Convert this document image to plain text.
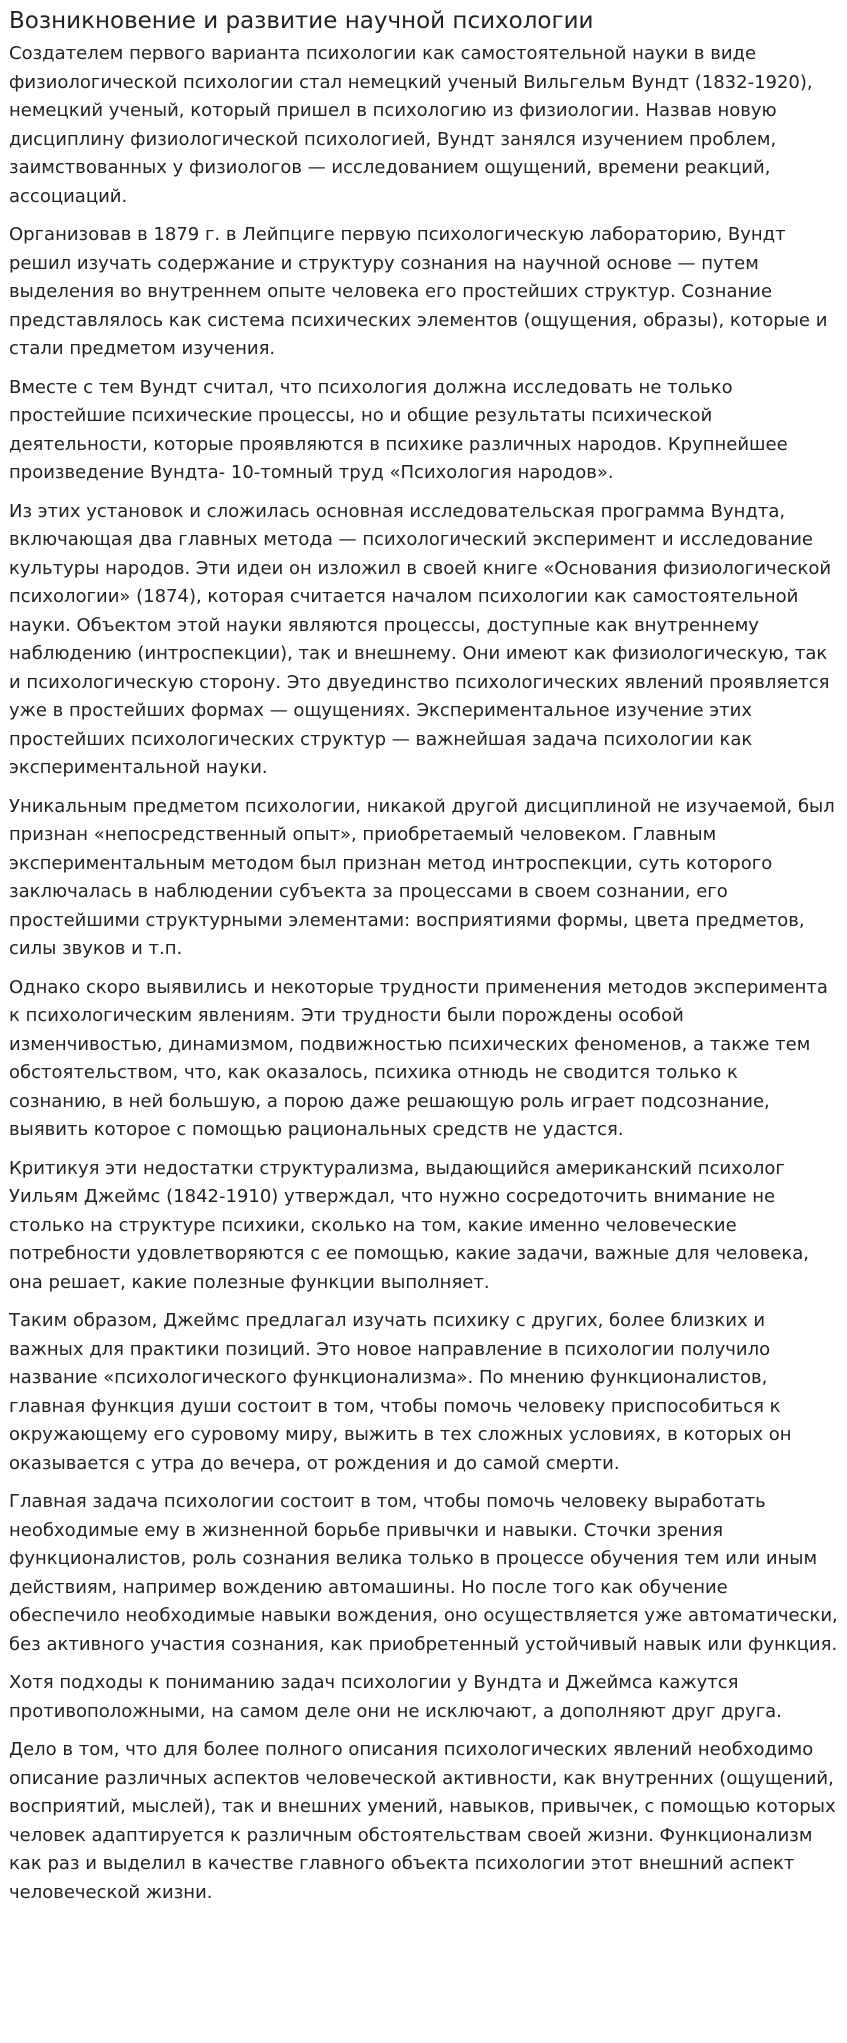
Возникновение и развитие научной психологии

Создателем первого варианта психологии как самостоятельной науки в виде физиологической психологии стал немецкий ученый Вильгельм Вундт (1832-1920), немецкий ученый, который пришел в психологию из физиологии. Назвав новую дисциплину физиологической психологией, Вундт занялся изучением проблем, заимствованных у физиологов — исследованием ощущений, времени реакций, ассоциаций.

Организовав в 1879 г. в Лейпциге первую психологическую лабораторию, Вундт решил изучать содержание и структуру сознания на научной основе — путем выделения во внутреннем опыте человека его простейших структур. Сознание представлялось как система психических элементов (ощущения, образы), которые и стали предметом изучения.

Вместе с тем Вундт считал, что психология должна исследовать не только простейшие психические процессы, но и общие результаты психической деятельности, которые проявляются в психике различных народов. Крупнейшее произведение Вундта- 10-томный труд «Психология народов».

Из этих установок и сложилась основная исследовательская программа Вундта, включающая два главных метода — психологический эксперимент и исследование культуры народов. Эти идеи он изложил в своей книге «Основания физиологической психологии» (1874), которая считается началом психологии как самостоятельной науки. Объектом этой науки являются процессы, доступные как внутреннему наблюдению (интроспекции), так и внешнему. Они имеют как физиологическую, так и психологическую сторону. Это двуединство психологических явлений проявляется уже в простейших формах — ощущениях. Экспериментальное изучение этих простейших психологических структур — важнейшая задача психологии как экспериментальной науки.

Уникальным предметом психологии, никакой другой дисциплиной не изучаемой, был признан «непосредственный опыт», приобретаемый человеком. Главным экспериментальным методом был признан метод интроспекции, суть которого заключалась в наблюдении субъекта за процессами в своем сознании, его простейшими структурными элементами: восприятиями формы, цвета предметов, силы звуков и т.п.

Однако скоро выявились и некоторые трудности применения методов эксперимента к психологическим явлениям. Эти трудности были порождены особой изменчивостью, динамизмом, подвижностью психических феноменов, а также тем обстоятельством, что, как оказалось, психика отнюдь не сводится только к сознанию, в ней большую, а порою даже решающую роль играет подсознание, выявить которое с помощью рациональных средств не удастся.

Критикуя эти недостатки структурализма, выдающийся американский психолог Уильям Джеймс (1842-1910) утверждал, что нужно сосредоточить внимание не столько на структуре психики, сколько на том, какие именно человеческие потребности удовлетворяются с ее помощью, какие задачи, важные для человека, она решает, какие полезные функции выполняет.

Таким образом, Джеймс предлагал изучать психику с других, более близких и важных для практики позиций. Это новое направление в психологии получило название «психологического функционализма». По мнению функционалистов, главная функция души состоит в том, чтобы помочь человеку приспособиться к окружающему его суровому миру, выжить в тех сложных условиях, в которых он оказывается с утра до вечера, от рождения и до самой смерти.

Главная задача психологии состоит в том, чтобы помочь человеку выработать необходимые ему в жизненной борьбе привычки и навыки. Сточки зрения функционалистов, роль сознания велика только в процессе обучения тем или иным действиям, например вождению автомашины. Но после того как обучение обеспечило необходимые навыки вождения, оно осуществляется уже автоматически, без активного участия сознания, как приобретенный устойчивый навык или функция.

Хотя подходы к пониманию задач психологии у Вундта и Джеймса кажутся противоположными, на самом деле они не исключают, а дополняют друг друга.

Дело в том, что для более полного описания психологических явлений необходимо описание различных аспектов человеческой активности, как внутренних (ощущений, восприятий, мыслей), так и внешних умений, навыков, привычек, с помощью которых человек адаптируется к различным обстоятельствам своей жизни. Функционализм как раз и выделил в качестве главного объекта психологии этот внешний аспект человеческой жизни.
